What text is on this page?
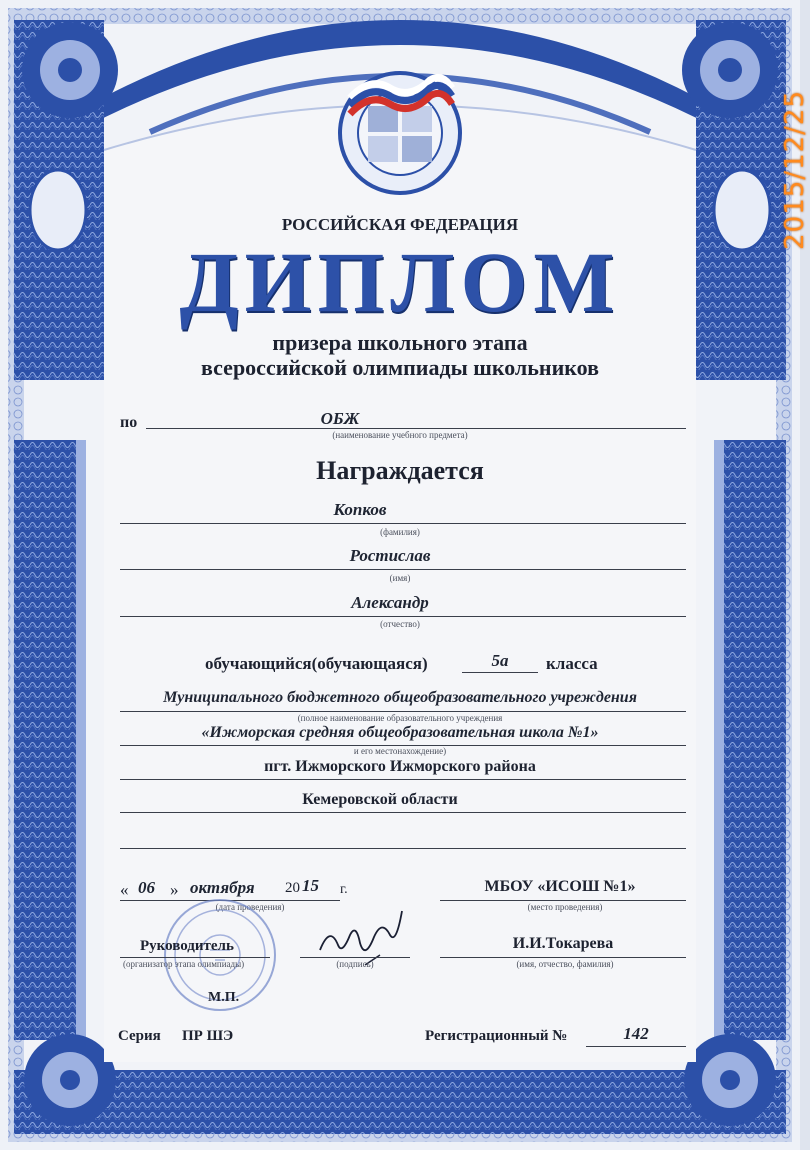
РОССИЙСКАЯ ФЕДЕРАЦИЯ
ДИПЛОМ
призера школьного этапа
всероссийской олимпиады школьников
по	ОБЖ
(наименование учебного предмета)
Награждается
Копков
(фамилия)
Ростислав
(имя)
Александр
(отчество)
обучающийся(обучающаяся)	5а	класса
Муниципального бюджетного общеобразовательного учреждения
(полное наименование образовательного учреждения
«Ижморская средняя общеобразовательная школа №1»
и его местонахождение)
пгт. Ижморского Ижморского района
Кемеровской области
« 06 » октября 20 15 г.
(дата проведения)
МБОУ «ИСОШ №1»
(место проведения)
Руководитель
(организатор этапа олимпиады)	(подпись)
И.И.Токарева
(имя, отчество, фамилия)
М.П.
Серия ПР ШЭ	Регистрационный №	142
2015/12/25
